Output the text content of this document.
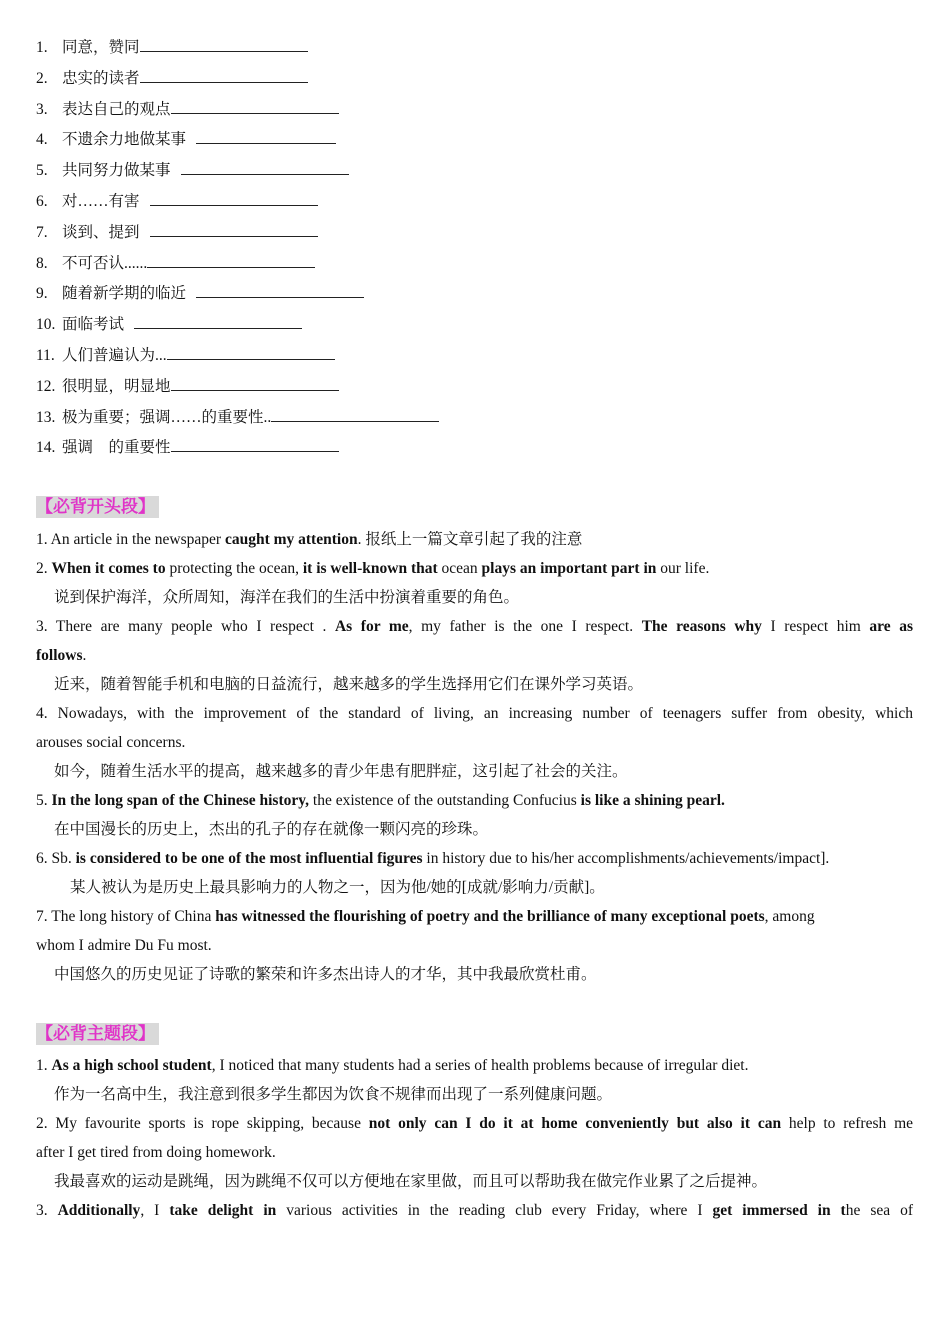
1. 同意，赞同
2. 忠实的读者
3. 表达自己的观点
4. 不遗余力地做某事
5. 共同努力做某事
6. 对……有害
7. 谈到、提到
8. 不可否认......
9. 随着新学期的临近
10. 面临考试
11. 人们普遍认为...
12. 很明显，明显地
13. 极为重要；强调……的重要性..
14. 强调    的重要性
【必背开头段】
1. An article in the newspaper caught my attention. 报纸上一篇文章引起了我的注意
2. When it comes to protecting the ocean, it is well-known that ocean plays an important part in our life.
说到保护海洋，众所周知，海洋在我们的生活中扮演着重要的角色。
3. There are many people who I respect . As for me, my father is the one I respect. The reasons why I respect him are as
follows.
近来，随着智能手机和电脑的日益流行，越来越多的学生选择用它们在课外学习英语。
4. Nowadays, with the improvement of the standard of living, an increasing number of teenagers suffer from obesity, which
arouses social concerns.
如今，随着生活水平的提高，越来越多的青少年患有肥胖症，这引起了社会的关注。
5. In the long span of the Chinese history, the existence of the outstanding Confucius is like a shining pearl.
在中国漫长的历史上，杰出的孔子的存在就像一颗闪亮的珍珠。
6. Sb. is considered to be one of the most influential figures in history due to his/her accomplishments/achievements/impact].
某人被认为是历史上最具影响力的人物之一，因为他/她的[成就/影响力/贡献]。
7. The long history of China has witnessed the flourishing of poetry and the brilliance of many exceptional poets, among
whom I admire Du Fu most.
中国悠久的历史见证了诗歌的繁荣和许多杰出诗人的才华，其中我最欣赏杜甫。
【必背主题段】
1. As a high school student, I noticed that many students had a series of health problems because of irregular diet.
作为一名高中生，我注意到很多学生都因为饮食不规律而出现了一系列健康问题。
2. My favourite sports is rope skipping, because not only can I do it at home conveniently but also it can help to refresh me
after I get tired from doing homework.
我最喜欢的运动是跳绳，因为跳绳不仅可以方便地在家里做，而且可以帮助我在做完作业累了之后提神。
3. Additionally, I take delight in various activities in the reading club every Friday, where I get immersed in the sea of
